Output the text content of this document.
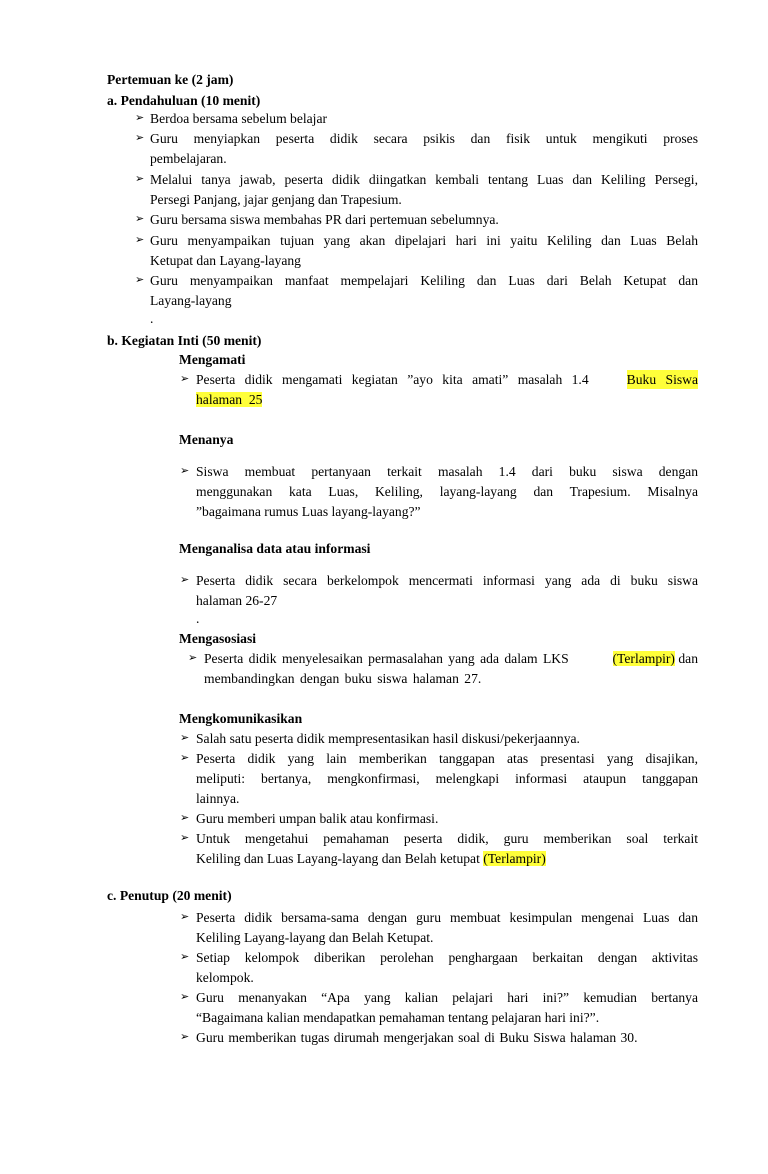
Pertemuan ke (2 jam)
a. Pendahuluan (10 menit)
➢ Berdoa bersama sebelum belajar
➢ Guru menyiapkan peserta didik secara psikis dan fisik untuk mengikuti proses
pembelajaran.
➢ Melalui tanya jawab, peserta didik diingatkan kembali tentang Luas dan Keliling Persegi,
Persegi Panjang, jajar genjang dan Trapesium.
➢ Guru bersama siswa membahas PR dari pertemuan sebelumnya.
➢ Guru menyampaikan tujuan yang akan dipelajari hari ini yaitu Keliling dan Luas Belah
Ketupat dan Layang-layang
➢ Guru menyampaikan manfaat mempelajari Keliling dan Luas dari Belah Ketupat dan
Layang-layang
.
b. Kegiatan Inti (50 menit)
Mengamati
➢ Peserta didik mengamati kegiatan ”ayo kita amati” masalah 1.4	Buku Siswa
halaman 25
Menanya
➢ Siswa membuat pertanyaan terkait masalah 1.4 dari buku siswa dengan
menggunakan kata Luas, Keliling, layang-layang dan Trapesium. Misalnya
”bagaimana rumus Luas layang-layang?”
Menganalisa data atau informasi
➢ Peserta didik secara berkelompok mencermati informasi yang ada di buku siswa
halaman 26-27
.
Mengasosiasi
➢ Peserta didik menyelesaikan permasalahan yang ada dalam LKS	(Terlampir) dan
membandingkan dengan buku siswa halaman 27.
Mengkomunikasikan
➢ Salah satu peserta didik mempresentasikan hasil diskusi/pekerjaannya.
➢ Peserta didik yang lain memberikan tanggapan atas presentasi yang disajikan,
meliputi: bertanya, mengkonfirmasi, melengkapi informasi ataupun tanggapan
lainnya.
➢ Guru memberi umpan balik atau konfirmasi.
➢ Untuk mengetahui pemahaman peserta didik, guru memberikan soal terkait
Keliling dan Luas Layang-layang dan Belah ketupat (Terlampir)
c. Penutup (20 menit)
➢ Peserta didik bersama-sama dengan guru membuat kesimpulan mengenai Luas dan
Keliling Layang-layang dan Belah Ketupat.
➢ Setiap kelompok diberikan perolehan penghargaan berkaitan dengan aktivitas
kelompok.
➢ Guru menanyakan “Apa yang kalian pelajari hari ini?” kemudian bertanya
“Bagaimana kalian mendapatkan pemahaman tentang pelajaran hari ini?”.
➢ Guru memberikan tugas dirumah mengerjakan soal di Buku Siswa halaman 30.
